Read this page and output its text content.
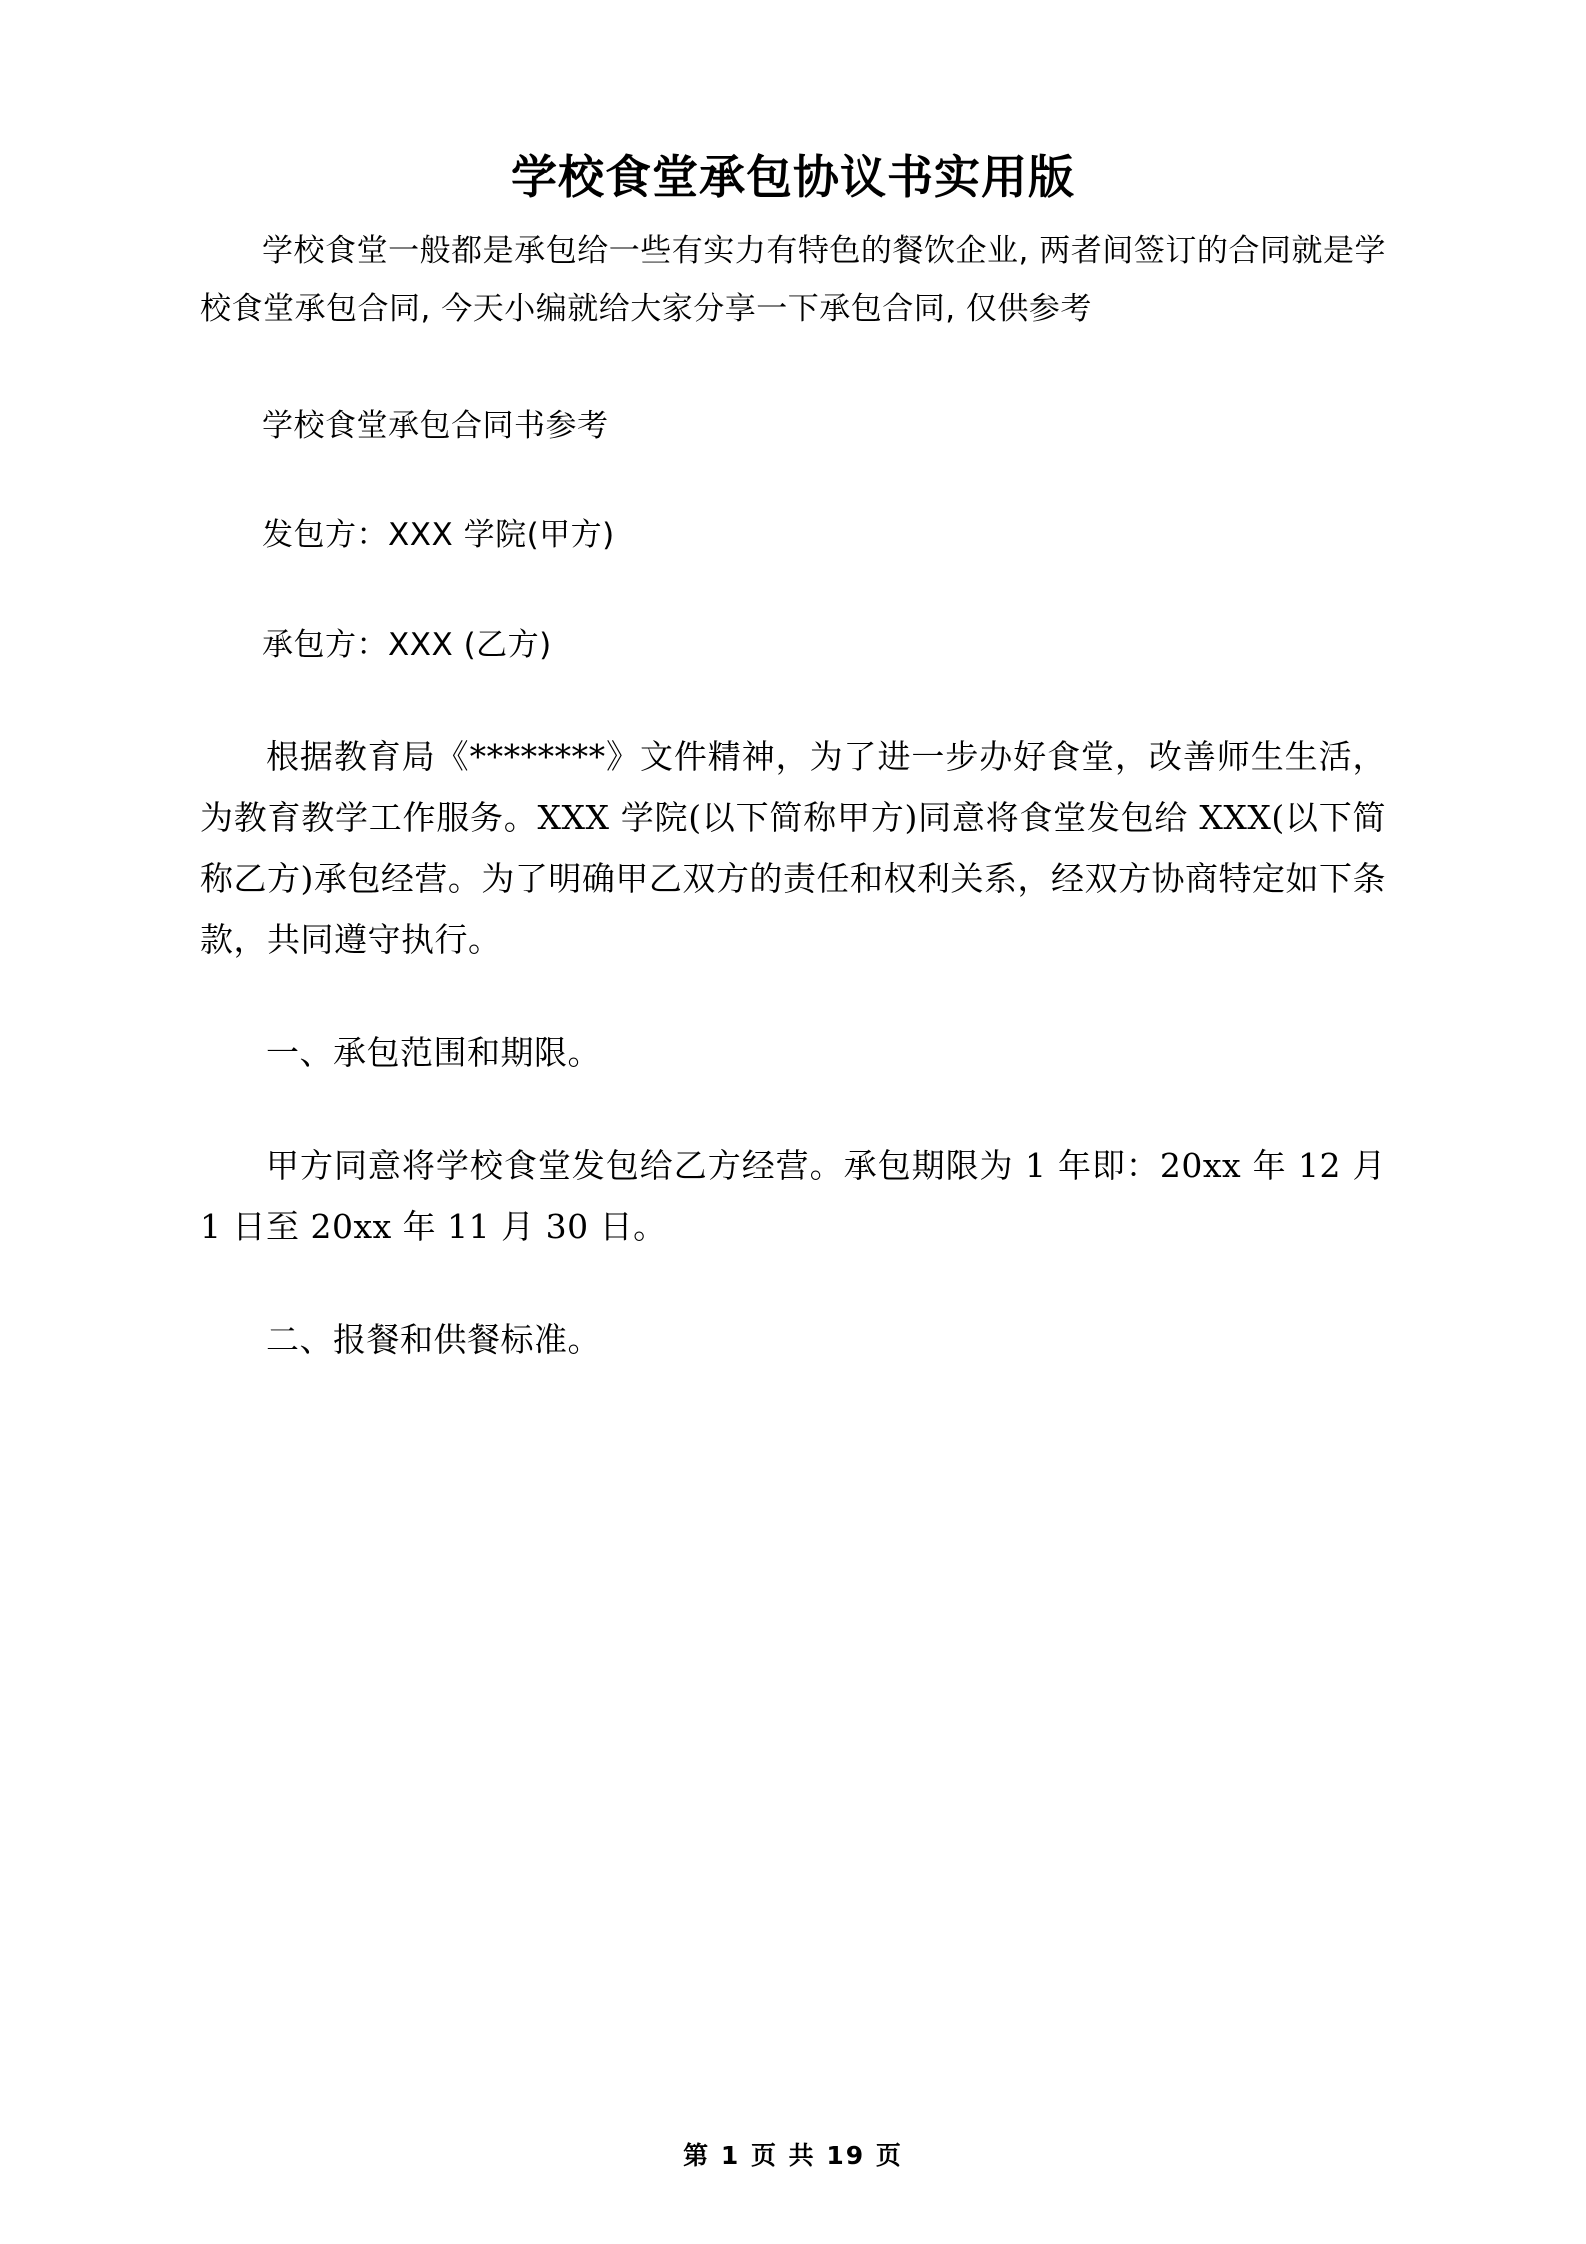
学校食堂承包协议书实用版

学校食堂一般都是承包给一些有实力有特色的餐饮企业, 两者间签订的合同就是学校食堂承包合同, 今天小编就给大家分享一下承包合同, 仅供参考

学校食堂承包合同书参考

发包方：XXX 学院(甲方)

承包方：XXX (乙方)

根据教育局《********》文件精神，为了进一步办好食堂，改善师生生活，为教育教学工作服务。XXX 学院(以下简称甲方)同意将食堂发包给 XXX(以下简称乙方)承包经营。为了明确甲乙双方的责任和权利关系，经双方协商特定如下条款，共同遵守执行。

一、承包范围和期限。

甲方同意将学校食堂发包给乙方经营。承包期限为 1 年即：20xx 年 12 月 1 日至 20xx 年 11 月 30 日。

二、报餐和供餐标准。

第 1 页 共 19 页
